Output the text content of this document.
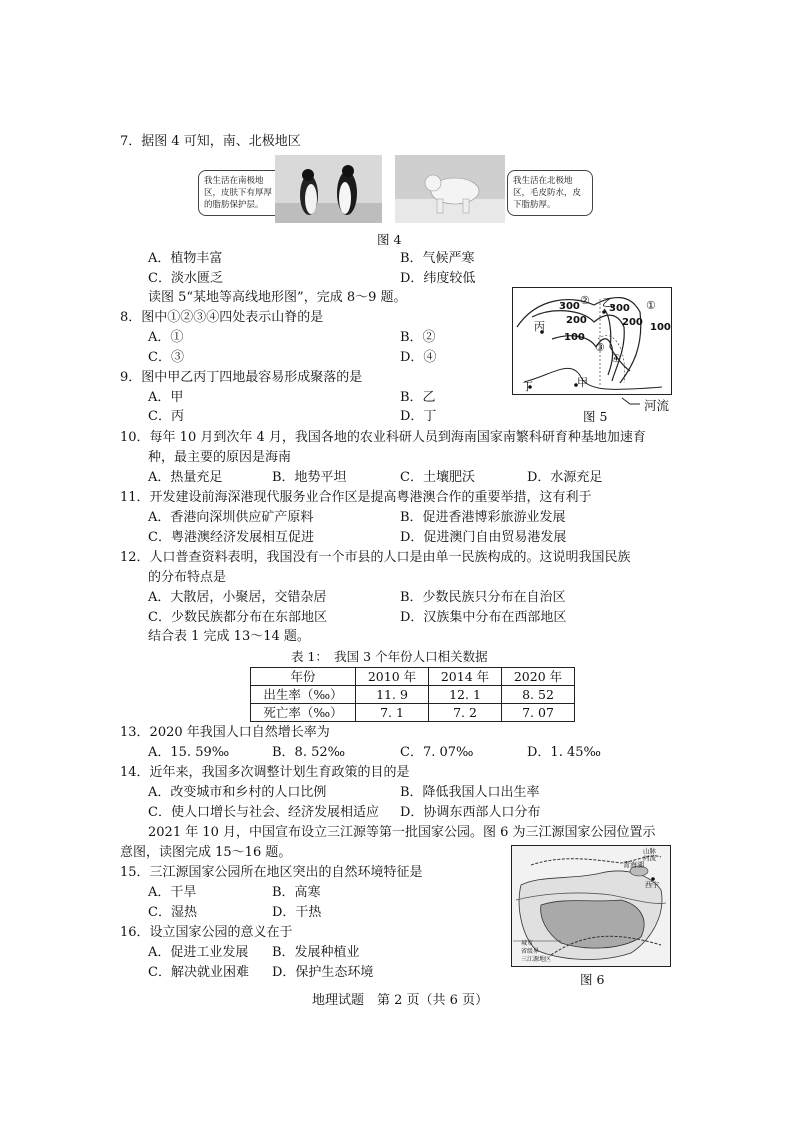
7．据图 4 可知，南、北极地区
我生活在南极地区，皮肤下有厚厚的脂肪保护层。
我生活在北极地区，毛皮防水，皮下脂肪厚。
图 4
A．植物丰富	B．气候严寒
C．淡水匮乏	D．纬度较低
读图 5“某地等高线地形图”，完成 8～9 题。
8．图中①②③④四处表示山脊的是
A．①	B．②
C．③	D．④
9．图中甲乙丙丁四地最容易形成聚落的是
A．甲	B．乙
C．丙	D．丁
300	300
200	200
100
100
乙
丙
甲
丁
①
②
③
④
图 5
河流
10．每年 10 月到次年 4 月，我国各地的农业科研人员到海南国家南繁科研育种基地加速育
种，最主要的原因是海南
A．热量充足	B．地势平坦	C．土壤肥沃	D．水源充足
11．开发建设前海深港现代服务业合作区是提高粤港澳合作的重要举措，这有利于
A．香港向深圳供应矿产原料	B．促进香港博彩旅游业发展
C．粤港澳经济发展相互促进	D．促进澳门自由贸易港发展
12．人口普查资料表明，我国没有一个市县的人口是由单一民族构成的。这说明我国民族
的分布特点是
A．大散居，小聚居，交错杂居	B．少数民族只分布在自治区
C．少数民族都分布在东部地区	D．汉族集中分布在西部地区
结合表 1 完成 13～14 题。
表 1：　我国 3 个年份人口相关数据
年份	2010 年	2014 年	2020 年
出生率（‰）	11. 9	12. 1	8. 52
死亡率（‰）	7. 1	7. 2	7. 07
13．2020 年我国人口自然增长率为
A．15. 59‰	B．8. 52‰	C．7. 07‰	D．1. 45‰
14．近年来，我国多次调整计划生育政策的目的是
A．改变城市和乡村的人口比例	B．降低我国人口出生率
C．使人口增长与社会、经济发展相适应 D．协调东西部人口分布
2021 年 10 月，中国宣布设立三江源等第一批国家公园。图 6 为三江源国家公园位置示
意图，读图完成 15～16 题。
15．三江源国家公园所在地区突出的自然环境特征是
A．干旱	B．高寒
C．湿热	D．干热
16．设立国家公园的意义在于
A．促进工业发展 B．发展种植业
C．解决就业困难 D．保护生态环境
青海湖
西宁
山脉
河流
城市
省级界
三江源地区
图 6
地理试题　第 2 页（共 6 页）
